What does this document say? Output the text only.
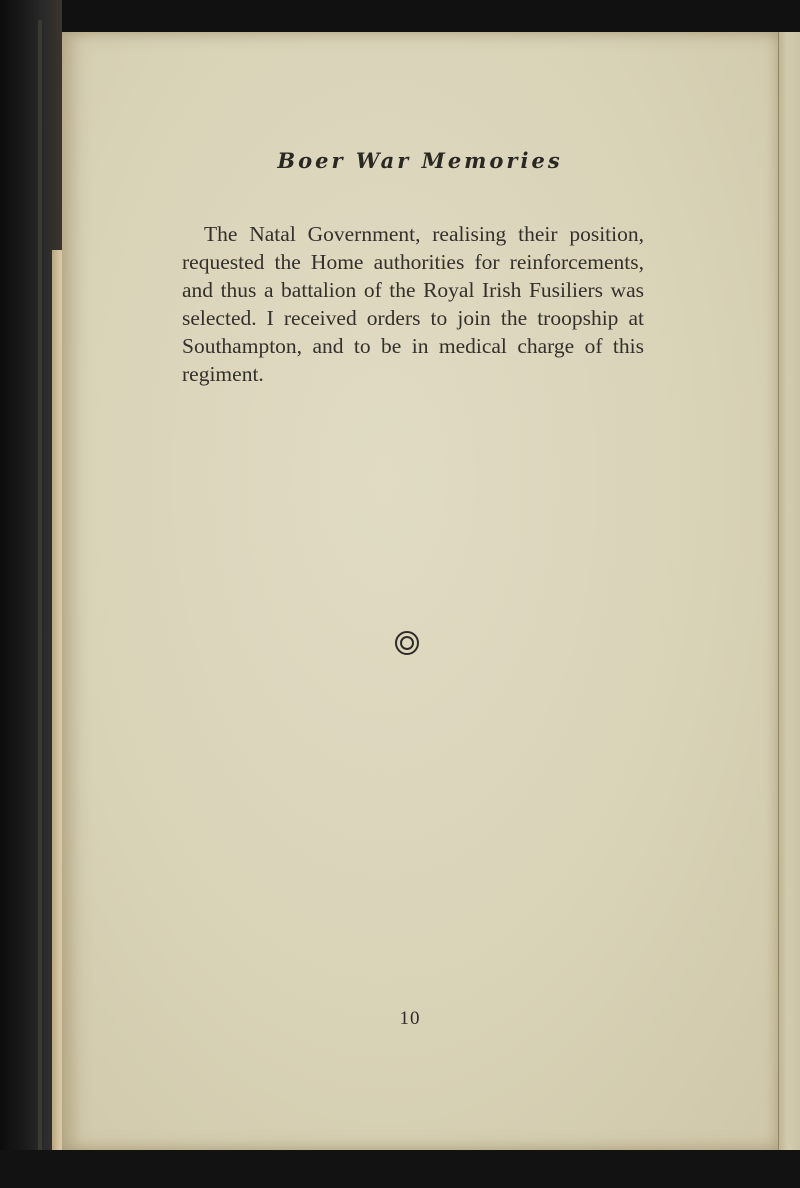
Boer War Memories

The Natal Government, realising their position, requested the Home authorities for reinforcements, and thus a battalion of the Royal Irish Fusiliers was selected. I received orders to join the troopship at Southampton, and to be in medical charge of this regiment.

10
